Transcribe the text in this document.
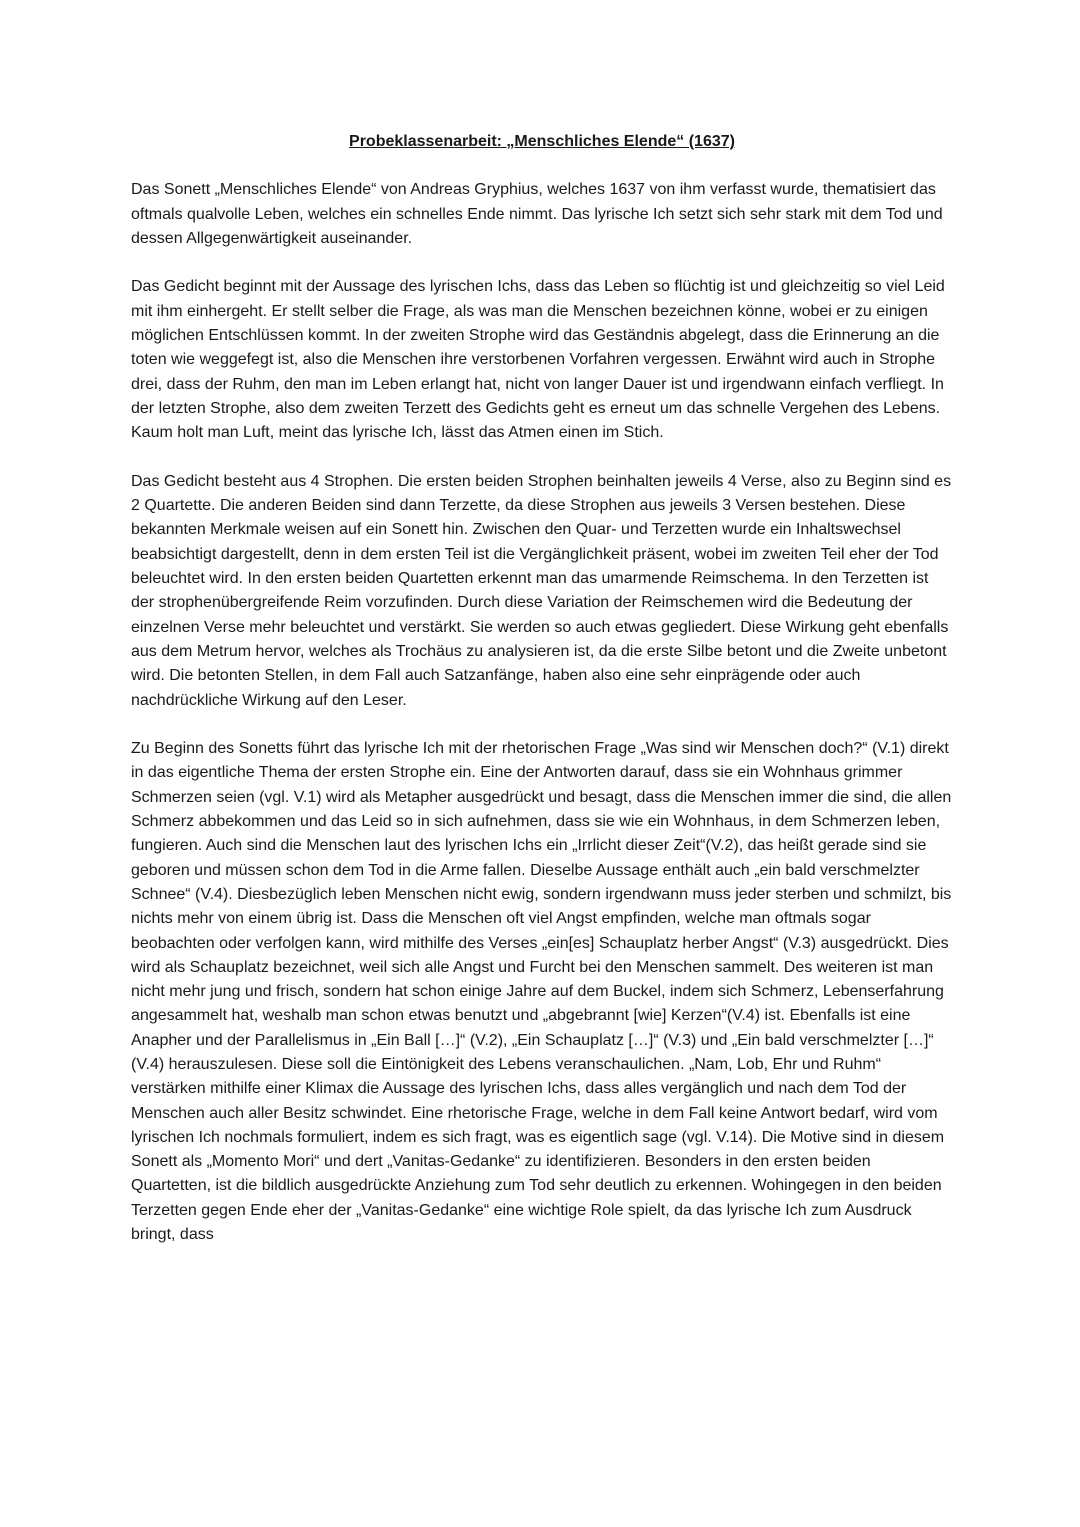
Probeklassenarbeit: „Menschliches Elende“ (1637)

Das Sonett „Menschliches Elende“ von Andreas Gryphius, welches 1637 von ihm verfasst wurde, thematisiert das oftmals qualvolle Leben, welches ein schnelles Ende nimmt. Das lyrische Ich setzt sich sehr stark mit dem Tod und dessen Allgegenwärtigkeit auseinander.

Das Gedicht beginnt mit der Aussage des lyrischen Ichs, dass das Leben so flüchtig ist und gleichzeitig so viel Leid mit ihm einhergeht. Er stellt selber die Frage, als was man die Menschen bezeichnen könne, wobei er zu einigen möglichen Entschlüssen kommt. In der zweiten Strophe wird das Geständnis abgelegt, dass die Erinnerung an die toten wie weggefegt ist, also die Menschen ihre verstorbenen Vorfahren vergessen. Erwähnt wird auch in Strophe drei, dass der Ruhm, den man im Leben erlangt hat, nicht von langer Dauer ist und irgendwann einfach verfliegt. In der letzten Strophe, also dem zweiten Terzett des Gedichts geht es erneut um das schnelle Vergehen des Lebens. Kaum holt man Luft, meint das lyrische Ich, lässt das Atmen einen im Stich.

Das Gedicht besteht aus 4 Strophen. Die ersten beiden Strophen beinhalten jeweils 4 Verse, also zu Beginn sind es 2 Quartette. Die anderen Beiden sind dann Terzette, da diese Strophen aus jeweils 3 Versen bestehen. Diese bekannten Merkmale weisen auf ein Sonett hin. Zwischen den Quar- und Terzetten wurde ein Inhaltswechsel beabsichtigt dargestellt, denn in dem ersten Teil ist die Vergänglichkeit präsent, wobei im zweiten Teil eher der Tod beleuchtet wird. In den ersten beiden Quartetten erkennt man das umarmende Reimschema. In den Terzetten ist der strophenübergreifende Reim vorzufinden. Durch diese Variation der Reimschemen wird die Bedeutung der einzelnen Verse mehr beleuchtet und verstärkt. Sie werden so auch etwas gegliedert. Diese Wirkung geht ebenfalls aus dem Metrum hervor, welches als Trochäus zu analysieren ist, da die erste Silbe betont und die Zweite unbetont wird. Die betonten Stellen, in dem Fall auch Satzanfänge, haben also eine sehr einprägende oder auch nachdrückliche Wirkung auf den Leser.

Zu Beginn des Sonetts führt das lyrische Ich mit der rhetorischen Frage „Was sind wir Menschen doch?“ (V.1) direkt in das eigentliche Thema der ersten Strophe ein. Eine der Antworten darauf, dass sie ein Wohnhaus grimmer Schmerzen seien (vgl. V.1) wird als Metapher ausgedrückt und besagt, dass die Menschen immer die sind, die allen Schmerz abbekommen und das Leid so in sich aufnehmen, dass sie wie ein Wohnhaus, in dem Schmerzen leben, fungieren. Auch sind die Menschen laut des lyrischen Ichs ein „Irrlicht dieser Zeit“(V.2), das heißt gerade sind sie geboren und müssen schon dem Tod in die Arme fallen. Dieselbe Aussage enthält auch „ein bald verschmelzter Schnee“ (V.4). Diesbezüglich leben Menschen nicht ewig, sondern irgendwann muss jeder sterben und schmilzt, bis nichts mehr von einem übrig ist. Dass die Menschen oft viel Angst empfinden, welche man oftmals sogar beobachten oder verfolgen kann, wird mithilfe des Verses „ein[es] Schauplatz herber Angst“ (V.3) ausgedrückt. Dies wird als Schauplatz bezeichnet, weil sich alle Angst und Furcht bei den Menschen sammelt. Des weiteren ist man nicht mehr jung und frisch, sondern hat schon einige Jahre auf dem Buckel, indem sich Schmerz, Lebenserfahrung angesammelt hat, weshalb man schon etwas benutzt und „abgebrannt [wie] Kerzen“(V.4) ist. Ebenfalls ist eine Anapher und der Parallelismus in „Ein Ball […]“ (V.2), „Ein Schauplatz […]“ (V.3) und „Ein bald verschmelzter […]“ (V.4) herauszulesen. Diese soll die Eintönigkeit des Lebens veranschaulichen. „Nam, Lob, Ehr und Ruhm“ verstärken mithilfe einer Klimax die Aussage des lyrischen Ichs, dass alles vergänglich und nach dem Tod der Menschen auch aller Besitz schwindet. Eine rhetorische Frage, welche in dem Fall keine Antwort bedarf, wird vom lyrischen Ich nochmals formuliert, indem es sich fragt, was es eigentlich sage (vgl. V.14). Die Motive sind in diesem Sonett als „Momento Mori“ und dert „Vanitas-Gedanke“ zu identifizieren. Besonders in den ersten beiden Quartetten, ist die bildlich ausgedrückte Anziehung zum Tod sehr deutlich zu erkennen. Wohingegen in den beiden Terzetten gegen Ende eher der „Vanitas-Gedanke“ eine wichtige Role spielt, da das lyrische Ich zum Ausdruck bringt, dass
